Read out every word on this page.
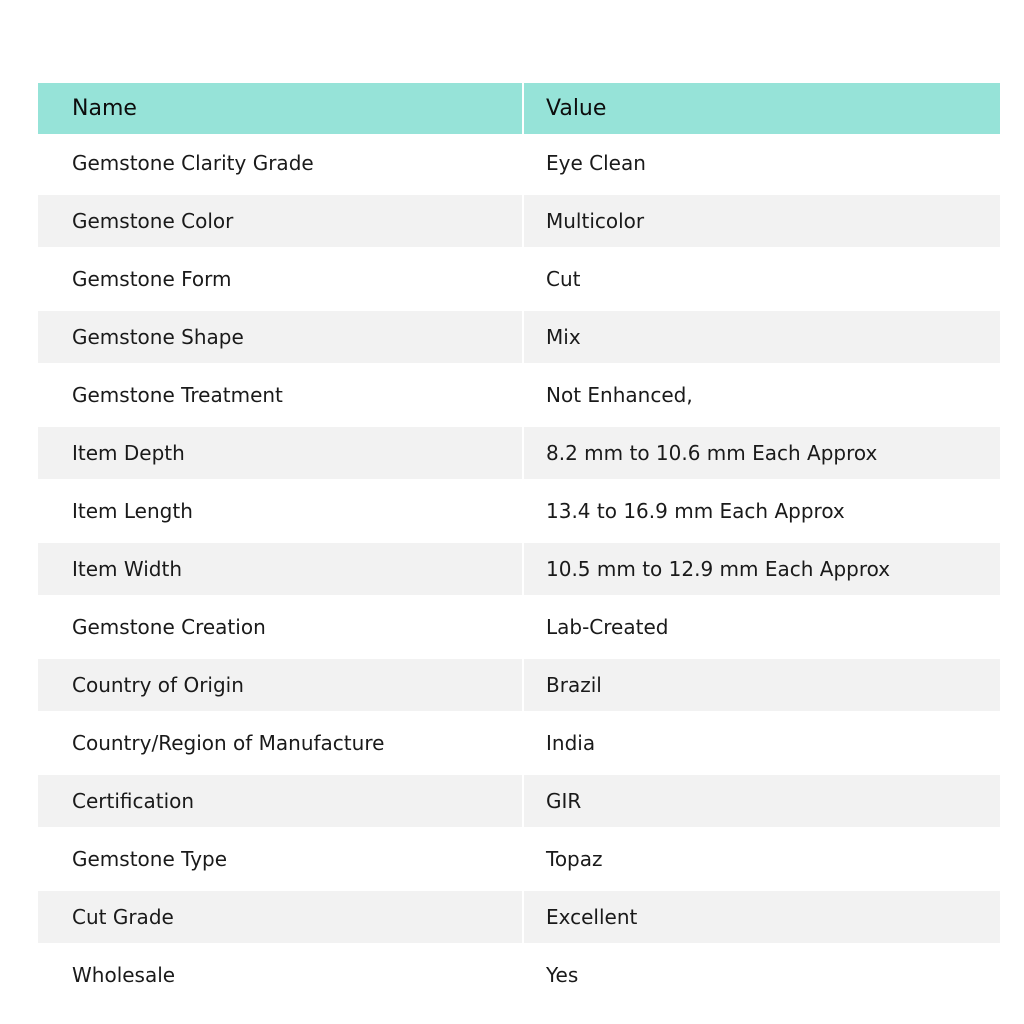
Name	Value
Gemstone Clarity Grade	Eye Clean
Gemstone Color	Multicolor
Gemstone Form	Cut
Gemstone Shape	Mix
Gemstone Treatment	Not Enhanced,
Item Depth	8.2 mm to 10.6 mm Each Approx
Item Length	13.4 to 16.9 mm Each Approx
Item Width	10.5 mm to 12.9 mm Each Approx
Gemstone Creation	Lab-Created
Country of Origin	Brazil
Country/Region of Manufacture	India
Certification	GIR
Gemstone Type	Topaz
Cut Grade	Excellent
Wholesale	Yes
